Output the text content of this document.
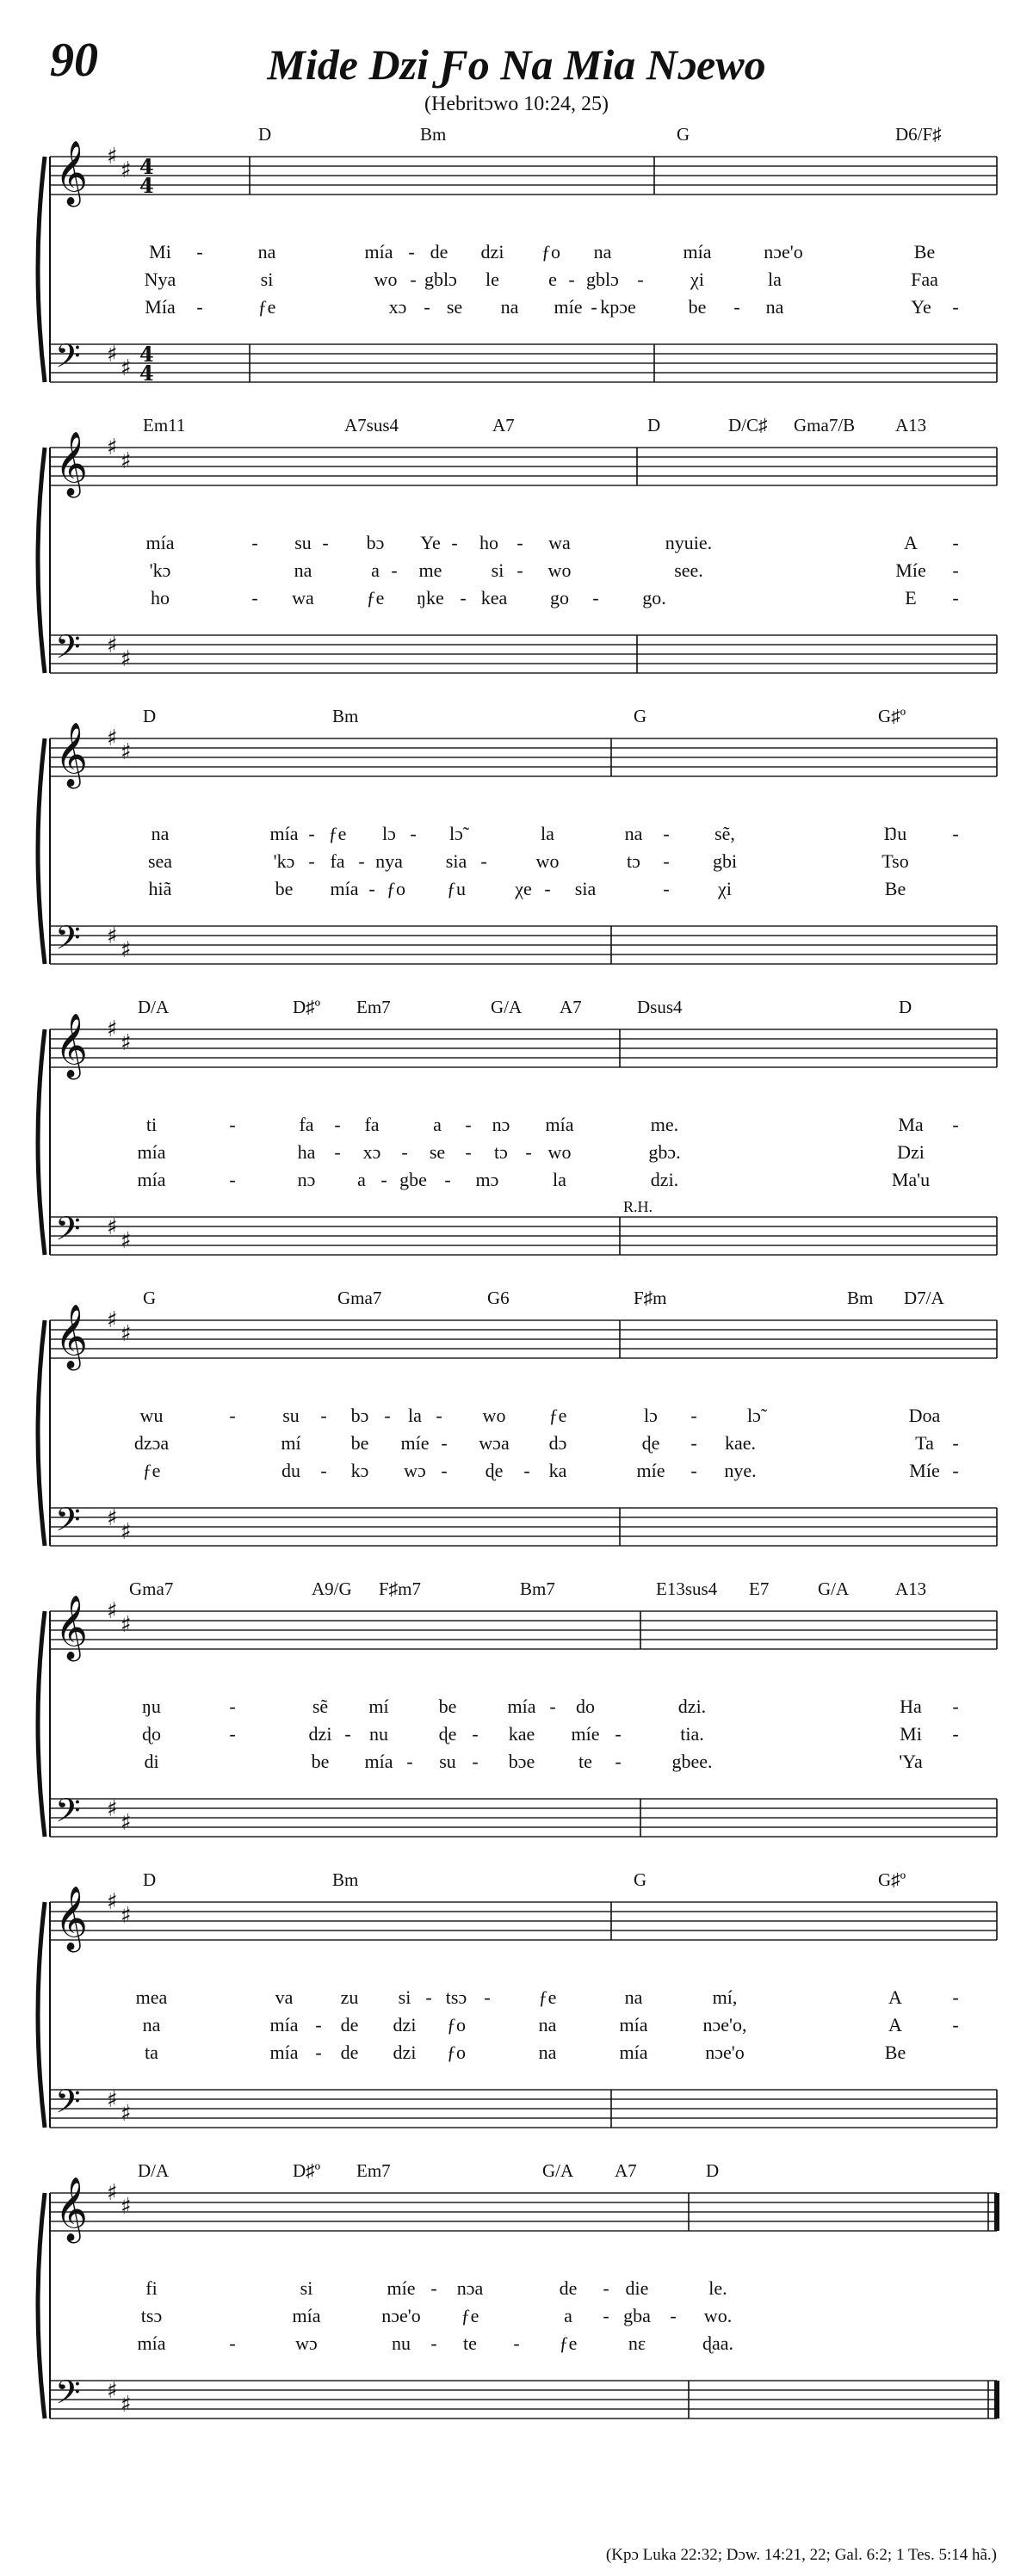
90	Mide Dzi Ƒo Na Mia Nɔewo
(Hebritɔwo 10:24, 25)
𝄞 ♯
♯
𝄢 ♯
♯
4
4
4
4
𝄞 ♯
♯
𝄢 ♯
♯
𝄞 ♯
♯
𝄢 ♯
♯
𝄞 ♯
♯
𝄢 ♯
♯
𝄞 ♯
♯
𝄢 ♯
♯
𝄞 ♯
♯
𝄢 ♯
♯
𝄞 ♯
♯
𝄢 ♯
♯
𝄞 ♯
♯
𝄢 ♯
♯
D	Bm	G	D6/F♯
Mi -	na	mía - de dzi ƒo na	mía	nɔe'o	Be
Nya	si	wo - gblɔ le	e - gblɔ - χi	la	Faa
Mía -	ƒe	xɔ - se na míe - kpɔe	be - na	Ye -
Em11	A7sus4	A7	D	D/C♯ Gma7/B A13
mía	- su - bɔ Ye - ho - wa	nyuie.	A -
'kɔ	na	a - me	si - wo	see.	Míe -
ho	- wa	ƒe ŋke - kea go - go.	E -
D	Bm	G	G♯º
na	mía - ƒe lɔ - lɔ̃	la	na - sẽ,	Ŋu -
sea	'kɔ - fa - nya sia -	wo	tɔ - gbi	Tso
hiã	be mía - ƒo ƒu	χe - sia	-	χi	Be
D/A	D♯º Em7	G/A A7	Dsus4	D
ti	-	fa - fa	a - nɔ mía	me.	Ma -
mía	ha - xɔ - se - tɔ - wo	gbɔ.	Dzi
mía	-	nɔ a - gbe - mɔ	la	dzi.	Ma'u
R.H.
G	Gma7	G6	F♯m	Bm D7/A
wu	- su - bɔ - la - wo ƒe	lɔ -	lɔ̃	Doa
dzɔa	mí	be míe - wɔa dɔ	ɖe - kae.	Ta -
ƒe	du - kɔ wɔ - ɖe - ka	míe - nye.	Míe -
Gma7	A9/G F♯m7	Bm7	E13sus4 E7	G/A	A13
ŋu	-	sẽ mí	be	mía - do	dzi.	Ha -
ɖo	-	dzi - nu	ɖe - kae míe -	tia.	Mi -
di	be mía - su - bɔe te -	gbee.	'Ya
D	Bm	G	G♯º
mea	va	zu si - tsɔ -	ƒe	na	mí,	A	-
na	mía - de dzi ƒo	na	mía	nɔe'o,	A	-
ta	mía - de dzi ƒo	na	mía	nɔe'o	Be
D/A	D♯º Em7	G/A A7	D
fi	si	míe - nɔa	de - die	le.
tsɔ	mía	nɔe'o ƒe	a - gba - wo.
mía	-	wɔ	nu - te - ƒe	nɛ	ɖaa.
(Kpɔ Luka 22:32; Dɔw. 14:21, 22; Gal. 6:2; 1 Tes. 5:14 hã.)
